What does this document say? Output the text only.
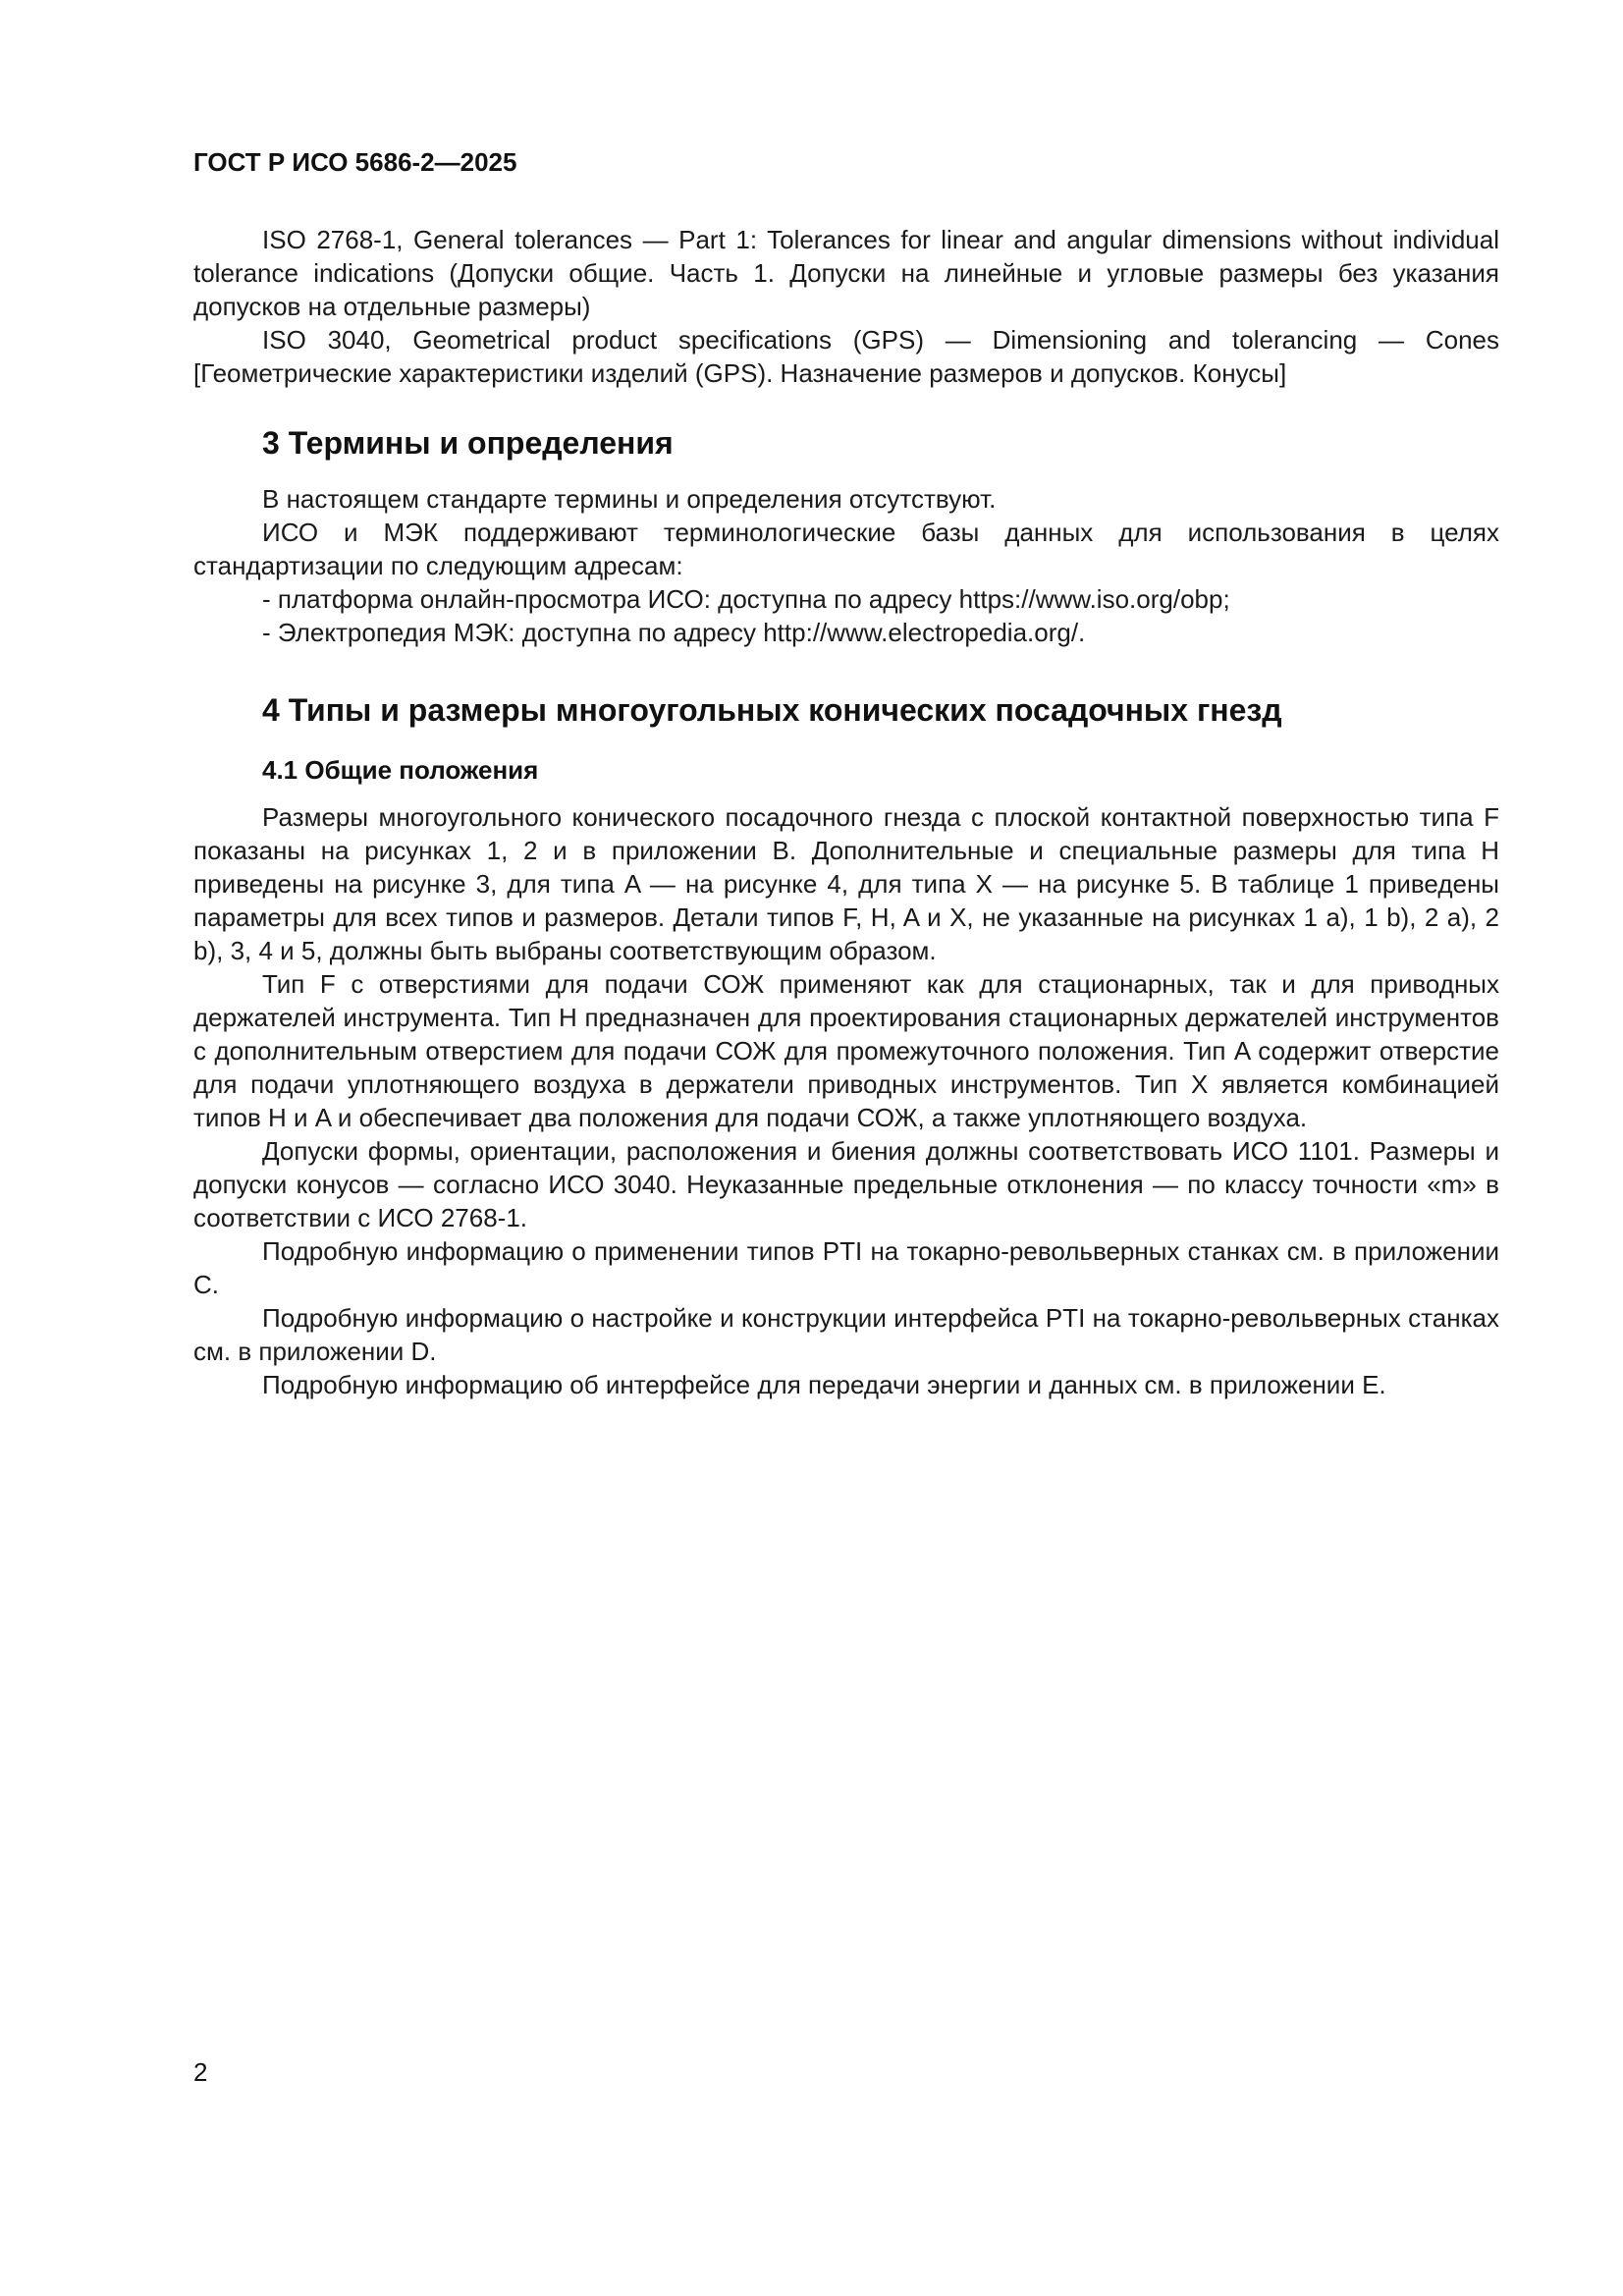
ГОСТ Р ИСО 5686-2—2025

ISO 2768-1, General tolerances — Part 1: Tolerances for linear and angular dimensions without individual tolerance indications (Допуски общие. Часть 1. Допуски на линейные и угловые размеры без указания допусков на отдельные размеры)

ISO 3040, Geometrical product specifications (GPS) — Dimensioning and tolerancing — Cones [Геометрические характеристики изделий (GPS). Назначение размеров и допусков. Конусы]

3 Термины и определения

В настоящем стандарте термины и определения отсутствуют.

ИСО и МЭК поддерживают терминологические базы данных для использования в целях стандартизации по следующим адресам:

- платформа онлайн-просмотра ИСО: доступна по адресу https://www.iso.org/obp;

- Электропедия МЭК: доступна по адресу http://www.electropedia.org/.

4 Типы и размеры многоугольных конических посадочных гнезд
4.1 Общие положения

Размеры многоугольного конического посадочного гнезда с плоской контактной поверхностью типа F показаны на рисунках 1, 2 и в приложении B. Дополнительные и специальные размеры для типа H приведены на рисунке 3, для типа A — на рисунке 4, для типа X — на рисунке 5. В таблице 1 приведены параметры для всех типов и размеров. Детали типов F, H, A и X, не указанные на рисунках 1 a), 1 b), 2 a), 2 b), 3, 4 и 5, должны быть выбраны соответствующим образом.

Тип F с отверстиями для подачи СОЖ применяют как для стационарных, так и для приводных держателей инструмента. Тип H предназначен для проектирования стационарных держателей инструментов с дополнительным отверстием для подачи СОЖ для промежуточного положения. Тип A содержит отверстие для подачи уплотняющего воздуха в держатели приводных инструментов. Тип X является комбинацией типов H и A и обеспечивает два положения для подачи СОЖ, а также уплотняющего воздуха.

Допуски формы, ориентации, расположения и биения должны соответствовать ИСО 1101. Размеры и допуски конусов — согласно ИСО 3040. Неуказанные предельные отклонения — по классу точности «m» в соответствии с ИСО 2768-1.

Подробную информацию о применении типов PTI на токарно-револьверных станках см. в приложении C.

Подробную информацию о настройке и конструкции интерфейса PTI на токарно-револьверных станках см. в приложении D.

Подробную информацию об интерфейсе для передачи энергии и данных см. в приложении E.

2
